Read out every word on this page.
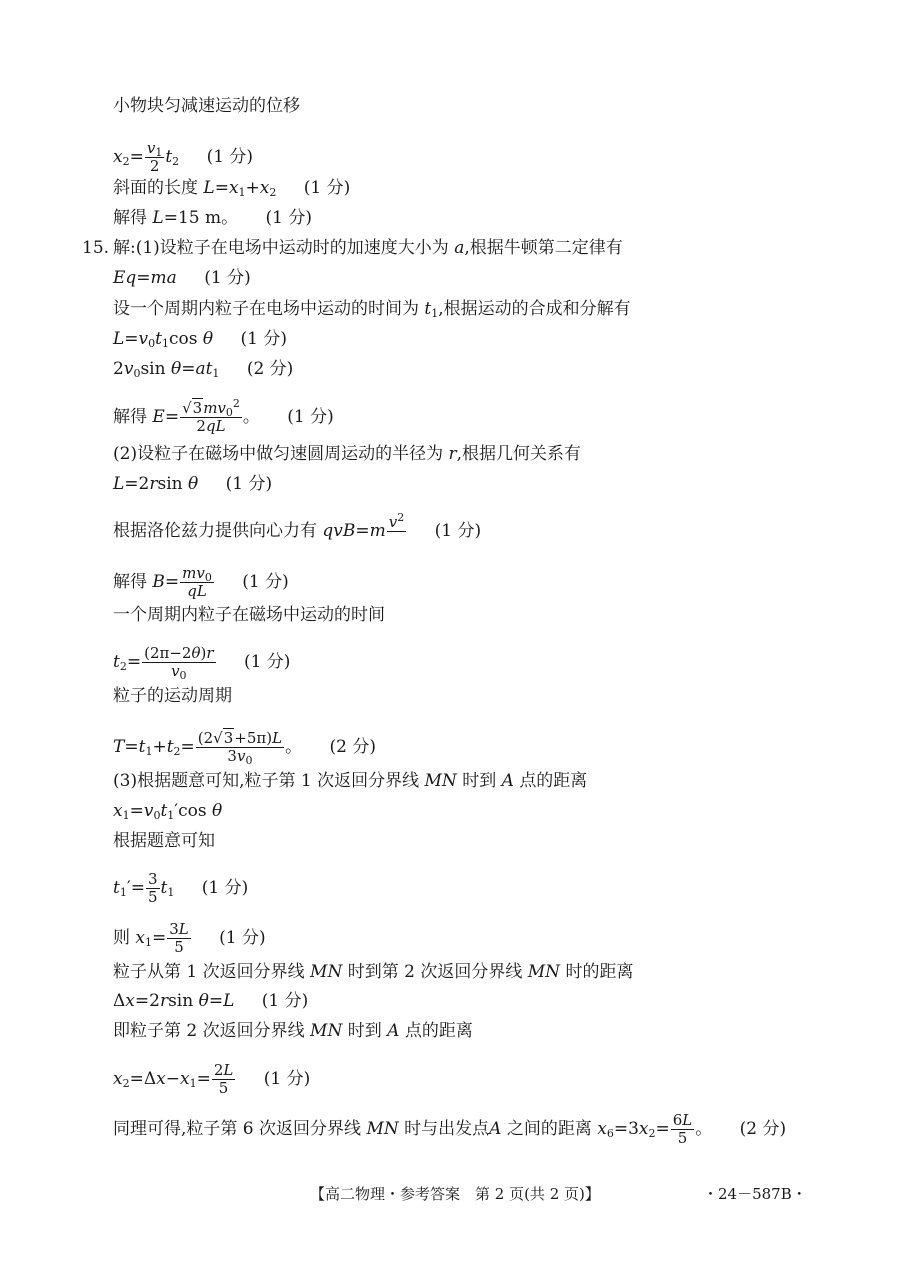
小物块匀减速运动的位移
$x_2= \frac{v_1}{2} t_2$ (1 分)
斜面的长度 $L=x_1+x_2$ (1 分)
解得 L=15 m。 (1 分)
15. 解:(1)设粒子在电场中运动时的加速度大小为 a,根据牛顿第二定律有
Eq=ma (1 分)
设一个周期内粒子在电场中运动的时间为 $t_1$,根据运动的合成和分解有
$L=v_0t_1\cos$ θ (1 分)
$2v_0\sin$ $\theta=at_1$ (2 分)
解得 $E= \frac{√3mv_0^2}{2qL}$ 。 (1 分)
(2)设粒子在磁场中做匀速圆周运动的半径为 r,根据几何关系有
L=2rsin θ (1 分)
根据洛伦兹力提供向心力有 qvB=m $v^2$

(1 分)
解得 $B= \frac{mv_0}{qL} (1$ 分)
一个周期内粒子在磁场中运动的时间
$t_2= \frac{(2\pi-2\theta)r}{v_0} (1$ 分)
粒子的运动周期
$T=t_1+t_2= \frac{(2√3+5\pi)L}{3v_0}$ 。 (2 分)
(3)根据题意可知,粒子第 1 次返回分界线 MN 时到 A 点的距离
$x_1=v_0t_1'\cos$ θ
根据题意可知
$t_1'= \frac{3}{5} t_1$ (1 分)
则 $x_1= \frac{3L}{5} (1$ 分)
粒子从第 1 次返回分界线 MN 时到第 2 次返回分界线 MN 时的距离
Δx=2rsin θ=L (1 分)
即粒子第 2 次返回分界线 MN 时到 A 点的距离
$x_2=\Delta x-x_1= \frac{2L}{5} (1$ 分)
同理可得,粒子第 6 次返回分界线 MN 时与出发点A 之间的距离 $x_6=3x_2= \frac{6L}{5}$ 。 (2 分)
【高二物理・参考答案　第 2 页(共 2 页)】	・24－587B・
